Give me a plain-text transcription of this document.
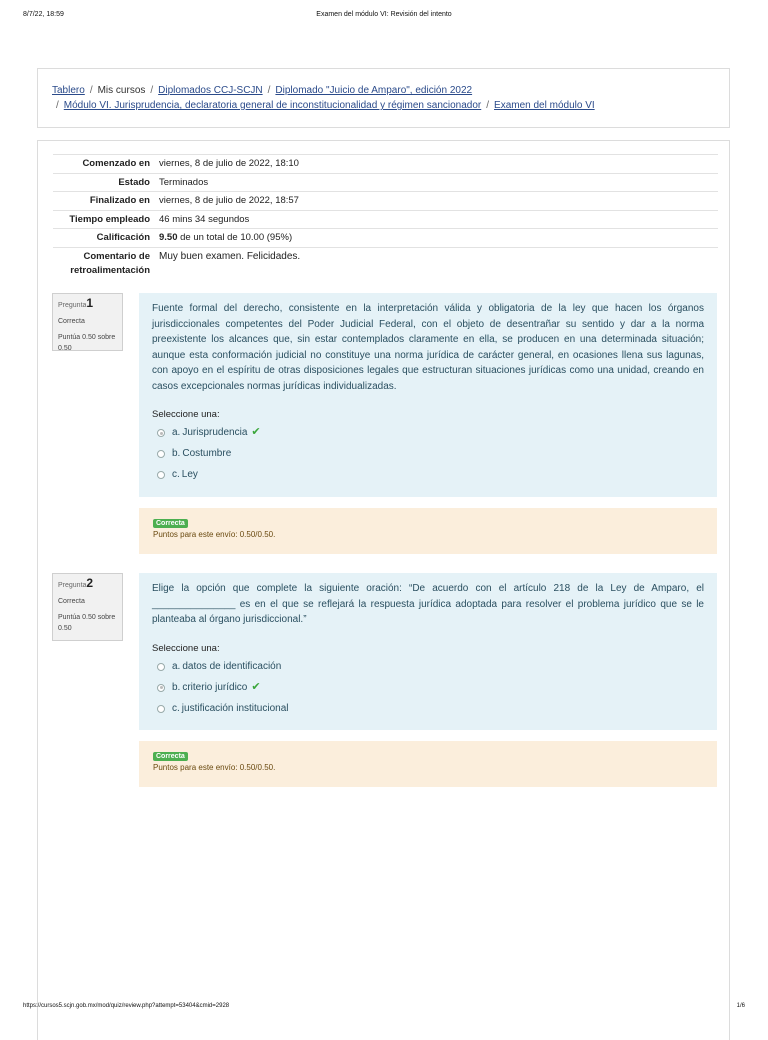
8/7/22, 18:59	Examen del módulo VI: Revisión del intento
Tablero / Mis cursos / Diplomados CCJ-SCJN / Diplomado "Juicio de Amparo", edición 2022
/ Módulo VI. Jurisprudencia, declaratoria general de inconstitucionalidad y régimen sancionador / Examen del módulo VI
Comenzado en	viernes, 8 de julio de 2022, 18:10
Estado	Terminados
Finalizado en	viernes, 8 de julio de 2022, 18:57
Tiempo empleado	46 mins 34 segundos
Calificación	9.50 de un total de 10.00 (95%)
Comentario de retroalimentación	Muy buen examen. Felicidades.
Pregunta1
Correcta
Puntúa 0.50 sobre 0.50
Fuente formal del derecho, consistente en la interpretación válida y obligatoria de la ley que hacen los órganos jurisdiccionales competentes del Poder Judicial Federal, con el objeto de desentrañar su sentido y dar a la norma preexistente los alcances que, sin estar contemplados claramente en ella, se producen en una determinada situación; aunque esta conformación judicial no constituye una norma jurídica de carácter general, en ocasiones llena sus lagunas, con apoyo en el espíritu de otras disposiciones legales que estructuran situaciones jurídicas como una unidad, creando en casos excepcionales normas jurídicas individualizadas.
Seleccione una:
a. Jurisprudencia ✔
b. Costumbre
c. Ley
Correcta
Puntos para este envío: 0.50/0.50.
Pregunta2
Correcta
Puntúa 0.50 sobre 0.50
Elige la opción que complete la siguiente oración: “De acuerdo con el artículo 218 de la Ley de Amparo, el _______________ es en el que se reflejará la respuesta jurídica adoptada para resolver el problema jurídico que se le planteaba al órgano jurisdiccional.”
Seleccione una:
a. datos de identificación
b. criterio jurídico ✔
c. justificación institucional
Correcta
Puntos para este envío: 0.50/0.50.
https://cursos5.scjn.gob.mx/mod/quiz/review.php?attempt=53404&cmid=2928	1/6
